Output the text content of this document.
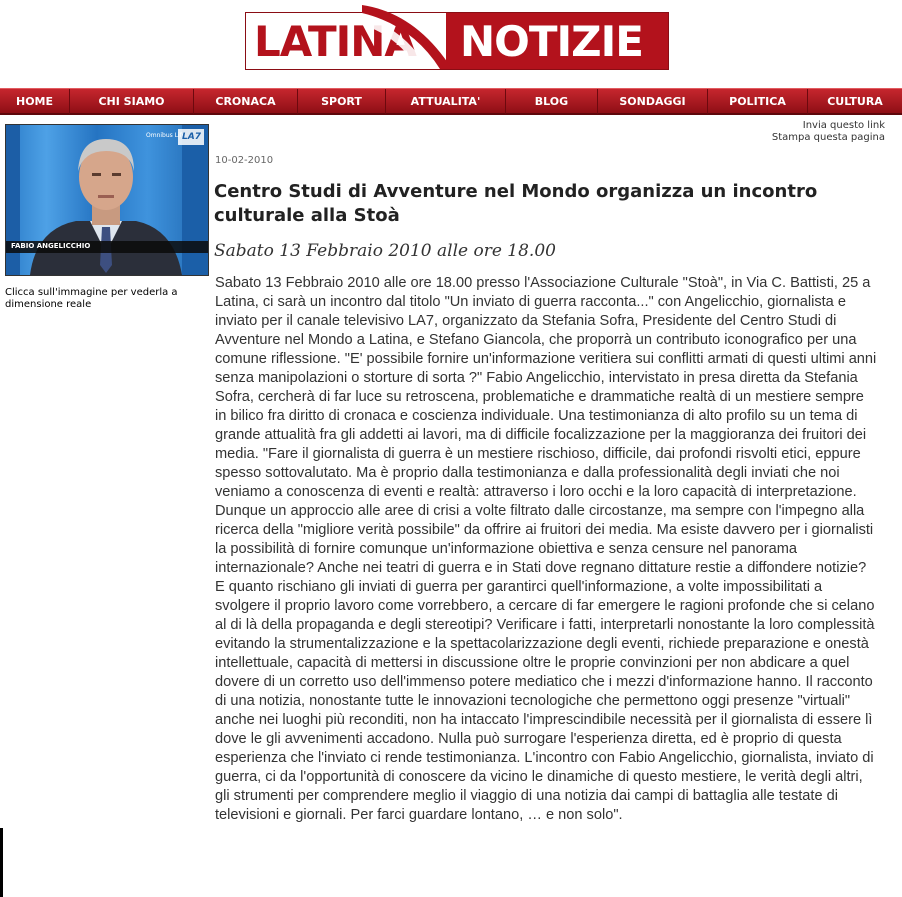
LATINA NOTIZIE
HOME	CHI SIAMO	CRONACA	SPORT	ATTUALITA'	BLOG	SONDAGGI	POLITICA	CULTURA
FABIO ANGELICCHIO
Omnibus Life
LA7
Clicca sull'immagine per vederla a dimensione reale
Invia questo link
Stampa questa pagina
10-02-2010
Centro Studi di Avventure nel Mondo organizza un incontro culturale alla Stoà
Sabato 13 Febbraio 2010 alle ore 18.00

Sabato 13 Febbraio 2010 alle ore 18.00 presso l'Associazione Culturale "Stoà", in Via C. Battisti, 25 a Latina, ci sarà un incontro dal titolo "Un inviato di guerra racconta..." con Angelicchio, giornalista e inviato per il canale televisivo LA7, organizzato da Stefania Sofra, Presidente del Centro Studi di Avventure nel Mondo a Latina, e Stefano Giancola, che proporrà un contributo iconografico per una comune riflessione. "E' possibile fornire un'informazione veritiera sui conflitti armati di questi ultimi anni senza manipolazioni o storture di sorta ?" Fabio Angelicchio, intervistato in presa diretta da Stefania Sofra, cercherà di far luce su retroscena, problematiche e drammatiche realtà di un mestiere sempre in bilico fra diritto di cronaca e coscienza individuale. Una testimonianza di alto profilo su un tema di grande attualità fra gli addetti ai lavori, ma di difficile focalizzazione per la maggioranza dei fruitori dei media. "Fare il giornalista di guerra è un mestiere rischioso, difficile, dai profondi risvolti etici, eppure spesso sottovalutato. Ma è proprio dalla testimonianza e dalla professionalità degli inviati che noi veniamo a conoscenza di eventi e realtà: attraverso i loro occhi e la loro capacità di interpretazione. Dunque un approccio alle aree di crisi a volte filtrato dalle circostanze, ma sempre con l'impegno alla ricerca della "migliore verità possibile" da offrire ai fruitori dei media. Ma esiste davvero per i giornalisti la possibilità di fornire comunque un'informazione obiettiva e senza censure nel panorama internazionale? Anche nei teatri di guerra e in Stati dove regnano dittature restie a diffondere notizie? E quanto rischiano gli inviati di guerra per garantirci quell'informazione, a volte impossibilitati a svolgere il proprio lavoro come vorrebbero, a cercare di far emergere le ragioni profonde che si celano al di là della propaganda e degli stereotipi? Verificare i fatti, interpretarli nonostante la loro complessità evitando la strumentalizzazione e la spettacolarizzazione degli eventi, richiede preparazione e onestà intellettuale, capacità di mettersi in discussione oltre le proprie convinzioni per non abdicare a quel dovere di un corretto uso dell'immenso potere mediatico che i mezzi d'informazione hanno. Il racconto di una notizia, nonostante tutte le innovazioni tecnologiche che permettono oggi presenze "virtuali" anche nei luoghi più reconditi, non ha intaccato l'imprescindibile necessità per il giornalista di essere lì dove le gli avvenimenti accadono. Nulla può surrogare l'esperienza diretta, ed è proprio di questa esperienza che l'inviato ci rende testimonianza. L'incontro con Fabio Angelicchio, giornalista, inviato di guerra, ci da l'opportunità di conoscere da vicino le dinamiche di questo mestiere, le verità degli altri, gli strumenti per comprendere meglio il viaggio di una notizia dai campi di battaglia alle testate di televisioni e giornali. Per farci guardare lontano, … e non solo".
